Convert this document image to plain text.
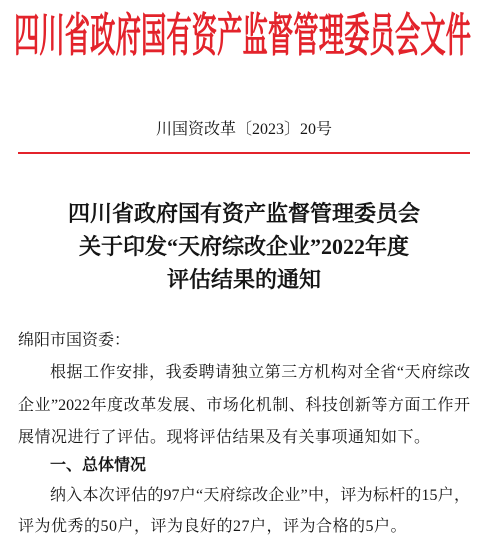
四川省政府国有资产监督管理委员会文件
川国资改革〔2023〕20号
四川省政府国有资产监督管理委员会
关于印发“天府综改企业”2022年度
评估结果的通知
绵阳市国资委：
根据工作安排，我委聘请独立第三方机构对全省“天府综改
企业”2022年度改革发展、市场化机制、科技创新等方面工作开
展情况进行了评估。现将评估结果及有关事项通知如下。
一、总体情况
纳入本次评估的97户“天府综改企业”中，评为标杆的15户，
评为优秀的50户，评为良好的27户，评为合格的5户。
